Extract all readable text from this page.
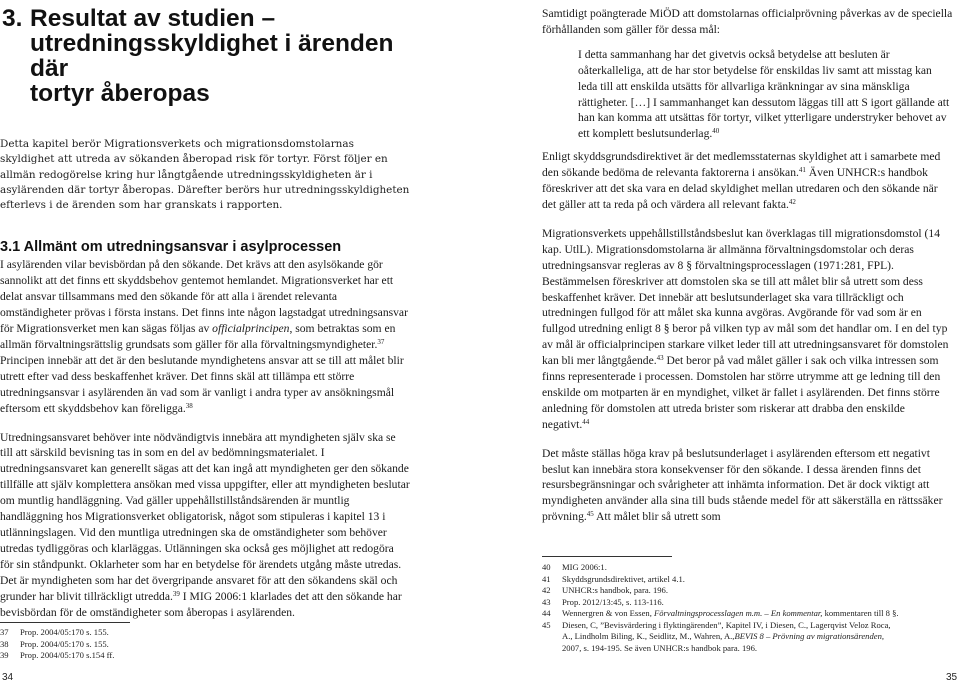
3. Resultat av studien –
utredningsskyldighet i ärenden där
tortyr åberopas

Detta kapitel berör Migrationsverkets och migrationsdomstolarnas skyldighet att utreda av sökanden åberopad risk för tortyr. Först följer en allmän redogörelse kring hur långtgående utredningsskyldigheten är i asylärenden där tortyr åberopas. Därefter berörs hur utredningsskyldigheten efterlevs i de ärenden som har granskats i rapporten.

3.1 Allmänt om utredningsansvar i asylprocessen

I asylärenden vilar bevisbördan på den sökande. Det krävs att den asylsökande gör sannolikt att det finns ett skyddsbehov gentemot hemlandet. Migrationsverket har ett delat ansvar tillsammans med den sökande för att alla i ärendet relevanta omständigheter prövas i första instans. Det finns inte någon lagstadgat utredningsansvar för Migrationsverket men kan sägas följas av officialprincipen, som betraktas som en allmän förvaltningsrättslig grundsats som gäller för alla förvaltningsmyndigheter.$^{37}$ Principen innebär att det är den beslutande myndighetens ansvar att se till att målet blir utrett efter vad dess beskaffenhet kräver. Det finns skäl att tillämpa ett större utredningsansvar i asylärenden än vad som är vanligt i andra typer av ansökningsmål eftersom ett skyddsbehov kan föreligga.$^{38}$

Utredningsansvaret behöver inte nödvändigtvis innebära att myndigheten själv ska se till att särskild bevisning tas in som en del av bedömningsmaterialet. I utredningsansvaret kan generellt sägas att det kan ingå att myndigheten ger den sökande tillfälle att själv komplettera ansökan med vissa uppgifter, eller att myndigheten beslutar om muntlig handläggning. Vad gäller uppehållstillståndsärenden är muntlig handläggning hos Migrationsverket obligatorisk, något som stipuleras i kapitel 13 i utlänningslagen. Vid den muntliga utredningen ska de omständigheter som behöver utredas tydliggöras och klarläggas. Utlänningen ska också ges möjlighet att redogöra för sin ståndpunkt. Oklarheter som har en betydelse för ärendets utgång måste utredas. Det är myndigheten som har det övergripande ansvaret för att den sökandens skäl och grunder har blivit tillräckligt utredda.$^{39}$ I MIG 2006:1 klarlades det att den sökande har bevisbördan för de omständigheter som åberopas i asylärenden.

37	Prop. 2004/05:170 s. 155.
38	Prop. 2004/05:170 s. 155.
39	Prop. 2004/05:170 s.154 ff.
34

Samtidigt poängterade MiÖD att domstolarnas officialprövning påverkas av de speciella förhållanden som gäller för dessa mål:

I detta sammanhang har det givetvis också betydelse att besluten är oåterkalleliga, att de har stor betydelse för enskildas liv samt att misstag kan leda till att enskilda utsätts för allvarliga kränkningar av sina mänskliga rättigheter. […] I sammanhanget kan dessutom läggas till att S igort gällande att han kan komma att utsättas för tortyr, vilket ytterligare understryker behovet av ett komplett beslutsunderlag.$^{40}$

Enligt skyddsgrundsdirektivet är det medlemsstaternas skyldighet att i samarbete med den sökande bedöma de relevanta faktorerna i ansökan.$^{41}$ Även UNHCR:s handbok föreskriver att det ska vara en delad skyldighet mellan utredaren och den sökande när det gäller att ta reda på och värdera all relevant fakta.$^{42}$

Migrationsverkets uppehållstillståndsbeslut kan överklagas till migrationsdomstol (14 kap. UtlL). Migrationsdomstolarna är allmänna förvaltningsdomstolar och deras utredningsansvar regleras av 8 § förvaltningsprocesslagen (1971:281, FPL). Bestämmelsen föreskriver att domstolen ska se till att målet blir så utrett som dess beskaffenhet kräver. Det innebär att beslutsunderlaget ska vara tillräckligt och utredningen fullgod för att målet ska kunna avgöras. Avgörande för vad som är en fullgod utredning enligt 8 § beror på vilken typ av mål som det handlar om. I en del typ av mål är officialprincipen starkare vilket leder till att utredningsansvaret för domstolen kan bli mer långtgående.$^{43}$ Det beror på vad målet gäller i sak och vilka intressen som finns representerade i processen. Domstolen har större utrymme att ge ledning till den enskilde om motparten är en myndighet, vilket är fallet i asylärenden. Det finns större anledning för domstolen att utreda brister som riskerar att drabba den enskilde negativt.$^{44}$

Det måste ställas höga krav på beslutsunderlaget i asylärenden eftersom ett negativt beslut kan innebära stora konsekvenser för den sökande. I dessa ärenden finns det resursbegränsningar och svårigheter att inhämta information. Det är dock viktigt att myndigheten använder alla sina till buds stående medel för att säkerställa en rättssäker prövning.$^{45}$ Att målet blir så utrett som

40	MIG 2006:1.
41	Skyddsgrundsdirektivet, artikel 4.1.
42	UNHCR:s handbok, para. 196.
43	Prop. 2012/13:45, s. 113-116.
44	Wennergren & von Essen, Förvaltningsprocesslagen m.m. – En kommentar, kommentaren till 8 §.
45	Diesen, C, ”Bevisvärdering i flyktingärenden”, Kapitel IV, i Diesen, C., Lagerqvist Veloz Roca,
A., Lindholm Biling, K., Seidlitz, M., Wahren, A., BEVIS 8 – Prövning av migrationsärenden,
2007, s. 194-195. Se även UNHCR:s handbok para. 196.
35
